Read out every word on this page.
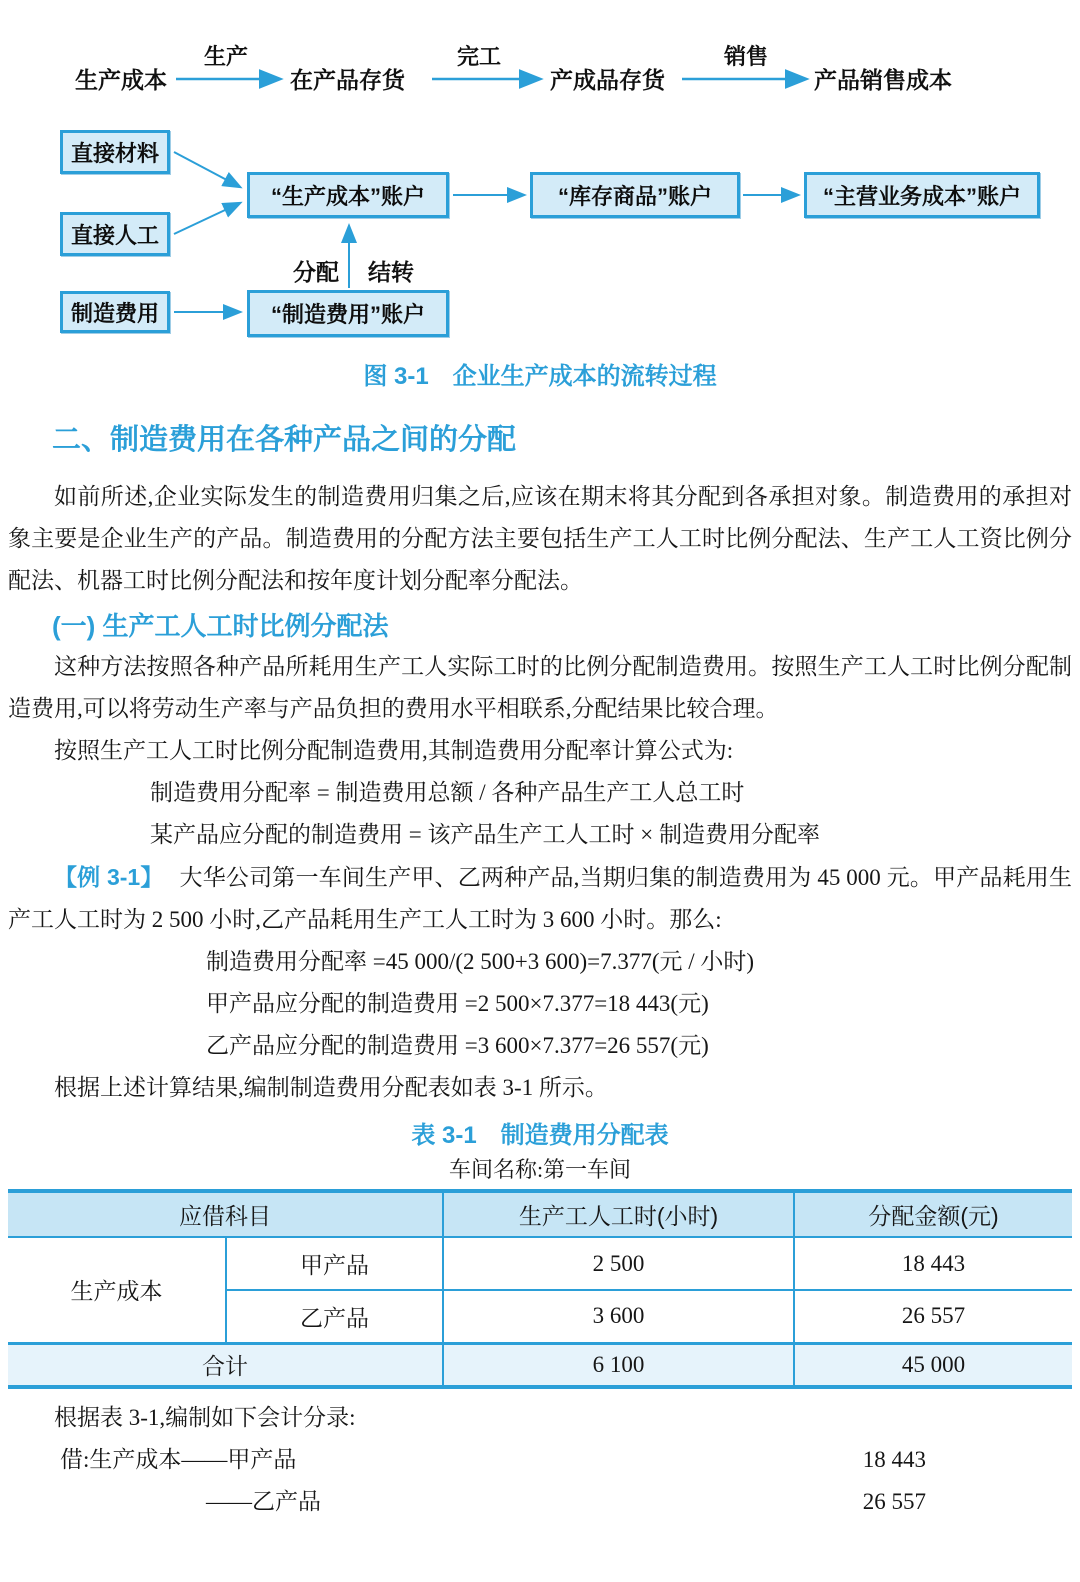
生产成本	在产品存货	产成品存货	产品销售成本
生产	完工	销售
直接材料
直接人工
制造费用
“生产成本”账户	“库存商品”账户	“主营业务成本”账户
“制造费用”账户
分配 结转
图 3-1　企业生产成本的流转过程
二、制造费用在各种产品之间的分配

如前所述,企业实际发生的制造费用归集之后,应该在期末将其分配到各承担对象。制造费用的承担对象主要是企业生产的产品。制造费用的分配方法主要包括生产工人工时比例分配法、生产工人工资比例分配法、机器工时比例分配法和按年度计划分配率分配法。

(一) 生产工人工时比例分配法

这种方法按照各种产品所耗用生产工人实际工时的比例分配制造费用。按照生产工人工时比例分配制造费用,可以将劳动生产率与产品负担的费用水平相联系,分配结果比较合理。

按照生产工人工时比例分配制造费用,其制造费用分配率计算公式为:

制造费用分配率 = 制造费用总额 / 各种产品生产工人总工时
某产品应分配的制造费用 = 该产品生产工人工时 × 制造费用分配率

【例 3-1】 大华公司第一车间生产甲、乙两种产品,当期归集的制造费用为 45 000 元。甲产品耗用生产工人工时为 2 500 小时,乙产品耗用生产工人工时为 3 600 小时。那么:

制造费用分配率 =45 000/(2 500+3 600)=7.377(元 / 小时)
甲产品应分配的制造费用 =2 500×7.377=18 443(元)
乙产品应分配的制造费用 =3 600×7.377=26 557(元)

根据上述计算结果,编制制造费用分配表如表 3-1 所示。

表 3-1　制造费用分配表
车间名称:第一车间
应借科目		生产工人工时(小时)	分配金额(元)
生产成本	甲产品	2 500	18 443
	乙产品	3 600	26 557
合计		6 100	45 000

根据表 3-1,编制如下会计分录:

借:生产成本——甲产品	18 443
——乙产品	26 557
